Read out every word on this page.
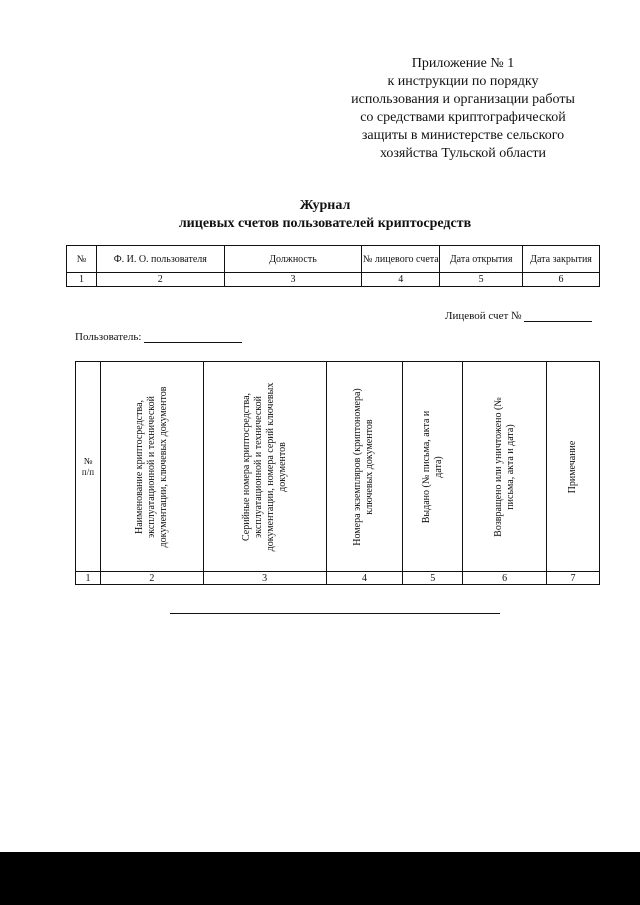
Приложение № 1
к инструкции по порядку
использования и организации работы
со средствами криптографической
защиты в министерстве сельского
хозяйства Тульской области
Журнал
лицевых счетов пользователей криптосредств
№	Ф. И. О. пользователя	Должность	№ лицевого счета	Дата открытия	Дата закрытия
1	2	3	4	5	6
Лицевой счет №
Пользователь:
№ п/п	Наименование криптосредства, эксплуатационной и технической документации, ключевых документов	Серийные номера криптосредства, эксплуатационной и технической документации, номера серий ключевых документов	Номера экземпляров (криптономера) ключевых документов	Выдано (№ письма, акта и дата)	Возвращено или уничтожено (№ письма, акта и дата)	Примечание

1	2	3	4	5	6	7
